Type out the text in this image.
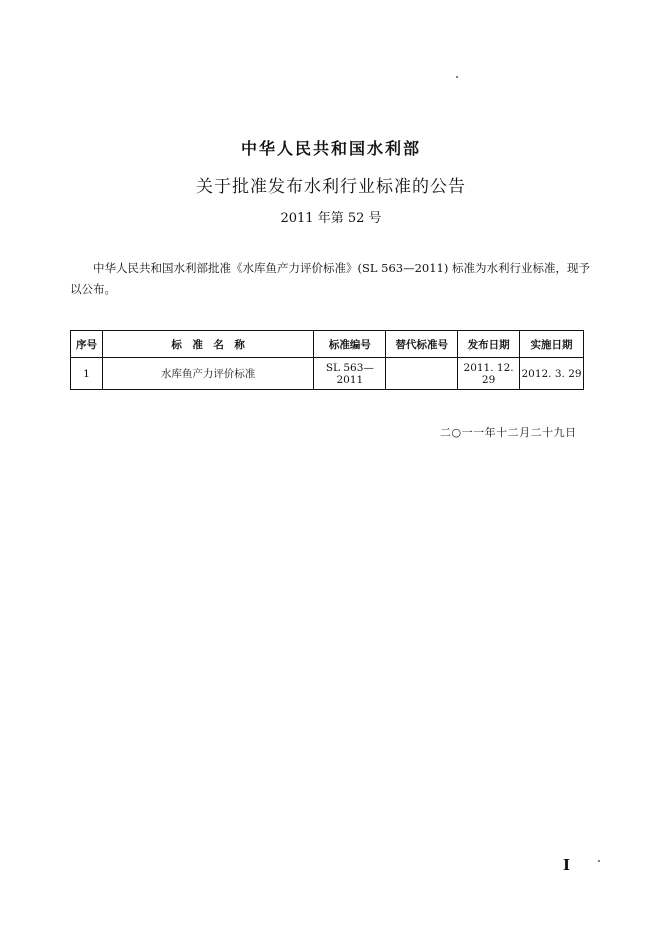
中华人民共和国水利部
关于批准发布水利行业标准的公告
2011 年第 52 号
中华人民共和国水利部批准《水库鱼产力评价标准》(SL 563—2011) 标准为水利行业标准，现予以公布。
序号	标　准　名　称	标准编号	替代标准号	发布日期	实施日期
1	水库鱼产力评价标准	SL 563—2011		2011. 12. 29	2012. 3. 29
二○一一年十二月二十九日
I
